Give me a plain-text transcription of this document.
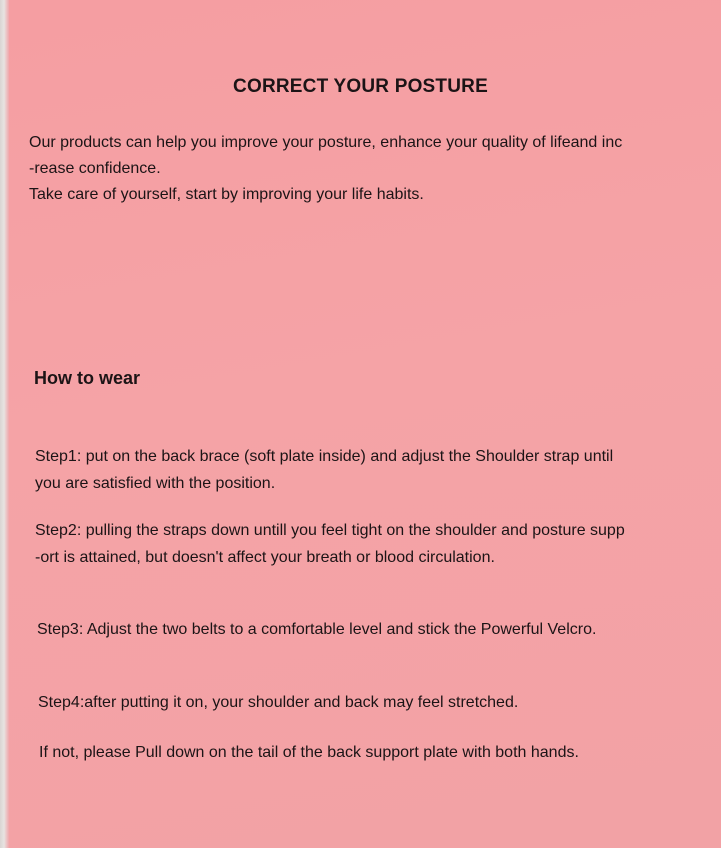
CORRECT YOUR POSTURE

Our products can help you improve your posture, enhance your quality of lifeand inc

-rease confidence.

Take care of yourself, start by improving your life habits.

How to wear

Step1: put on the back brace (soft plate inside) and adjust the Shoulder strap until

you are satisfied with the position.

Step2: pulling the straps down untill you feel tight on the shoulder and posture supp

-ort is attained, but doesn't affect your breath or blood circulation.

Step3: Adjust the two belts to a comfortable level and stick the Powerful Velcro.

Step4:after putting it on, your shoulder and back may feel stretched.

If not, please Pull down on the tail of the back support plate with both hands.
